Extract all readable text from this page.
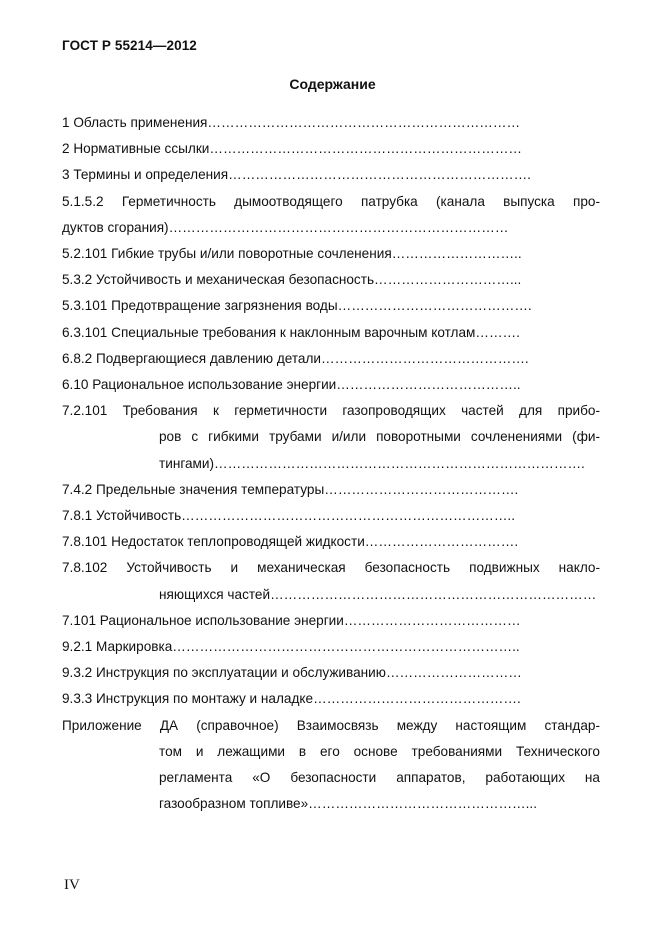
ГОСТ Р 55214—2012
Содержание
1 Область применения……………………………………………………………
2 Нормативные ссылки……………………………………………………………
3 Термины и определения………………………………………………………….
5.1.5.2 Герметичность дымоотводящего патрубка (канала выпуска про-
дуктов сгорания)…………………………………………………………………
5.2.101 Гибкие трубы и/или поворотные сочленения………………………..
5.3.2 Устойчивость и механическая безопасность…………………………...
5.3.101 Предотвращение загрязнения воды…………………………………….
6.3.101 Специальные требования к наклонным варочным котлам……….
6.8.2 Подвергающиеся давлению детали……………………………………….
6.10 Рациональное использование энергии…………………………………..
7.2.101 Требования к герметичности газопроводящих частей для прибо-
ров с гибкими трубами и/или поворотными сочленениями (фи-
тингами)……………………………………………………………………….
7.4.2 Предельные значения температуры…………………………………….
7.8.1 Устойчивость………………………………………………………………..
7.8.101 Недостаток теплопроводящей жидкости…………………………….
7.8.102 Устойчивость и механическая безопасность подвижных накло-
няющихся частей………………………………………………………………
7.101 Рациональное использование энергии…………………………………
9.2.1 Маркировка…………………………………………………………………..
9.3.2 Инструкция по эксплуатации и обслуживанию…………………………
9.3.3 Инструкция по монтажу и наладке……………………………………….
Приложение ДА (справочное) Взаимосвязь между настоящим стандар-
том и лежащими в его основе требованиями Технического
регламента «О безопасности аппаратов, работающих на
газообразном топливе»…………………………………………...
IV
